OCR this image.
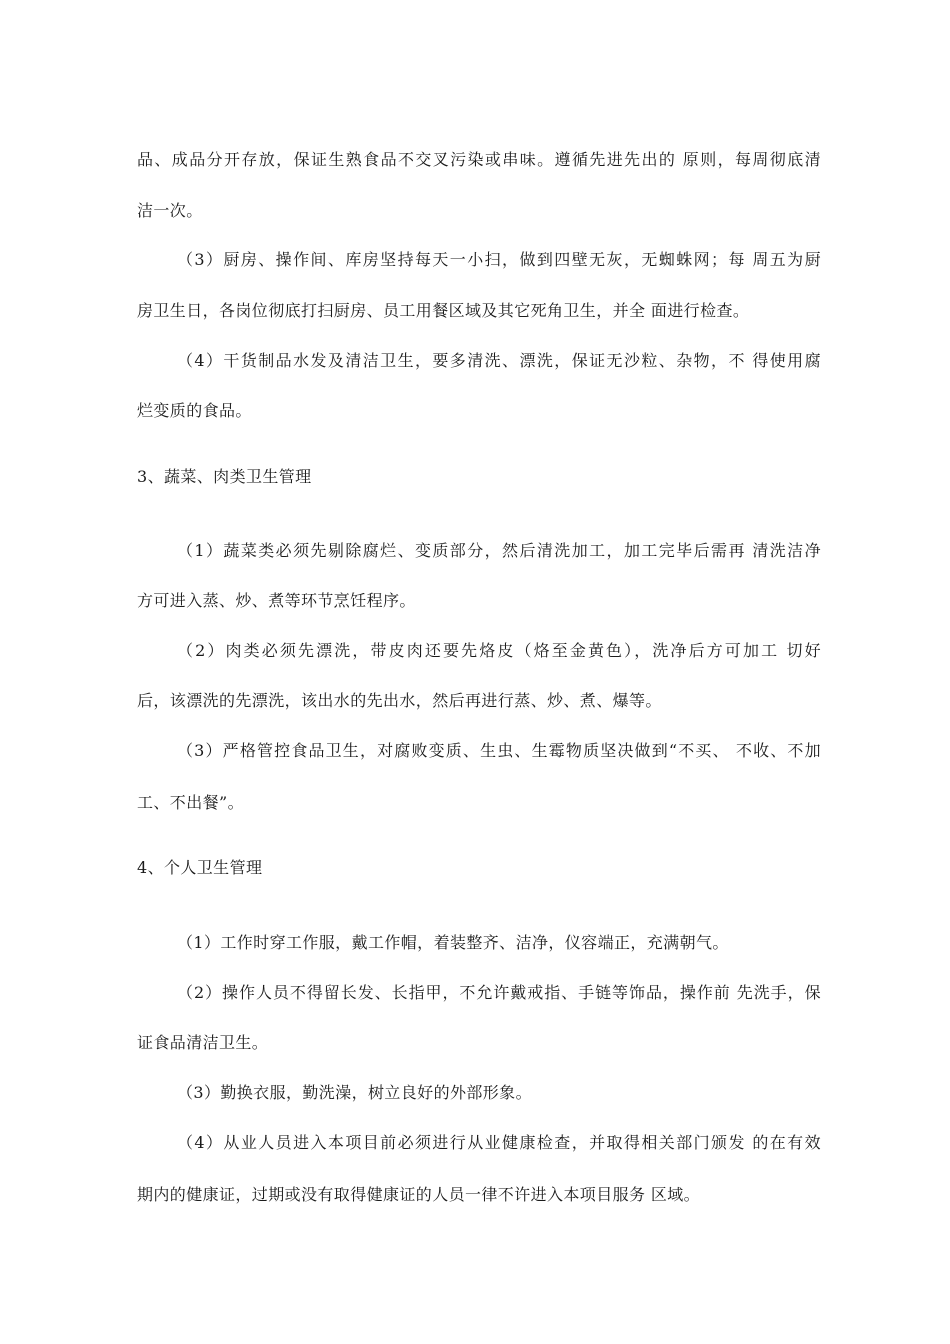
品、成品分开存放，保证生熟食品不交叉污染或串味。遵循先进先出的 原则，每周彻底清
洁一次。
（3）厨房、操作间、库房坚持每天一小扫，做到四壁无灰，无蜘蛛网；每 周五为厨
房卫生日，各岗位彻底打扫厨房、员工用餐区域及其它死角卫生，并全 面进行检查。
（4）干货制品水发及清洁卫生，要多清洗、漂洗，保证无沙粒、杂物，不 得使用腐
烂变质的食品。
3、蔬菜、肉类卫生管理
（1）蔬菜类必须先剔除腐烂、变质部分，然后清洗加工，加工完毕后需再 清洗洁净
方可进入蒸、炒、煮等环节烹饪程序。
（2）肉类必须先漂洗，带皮肉还要先烙皮（烙至金黄色），洗净后方可加工 切好
后，该漂洗的先漂洗，该出水的先出水，然后再进行蒸、炒、煮、爆等。
（3）严格管控食品卫生，对腐败变质、生虫、生霉物质坚决做到“不买、 不收、不加
工、不出餐”。
4、个人卫生管理
（1）工作时穿工作服，戴工作帽，着装整齐、洁净，仪容端正，充满朝气。
（2）操作人员不得留长发、长指甲，不允许戴戒指、手链等饰品，操作前 先洗手，保
证食品清洁卫生。
（3）勤换衣服，勤洗澡，树立良好的外部形象。
（4）从业人员进入本项目前必须进行从业健康检查，并取得相关部门颁发 的在有效
期内的健康证，过期或没有取得健康证的人员一律不许进入本项目服务 区域。
